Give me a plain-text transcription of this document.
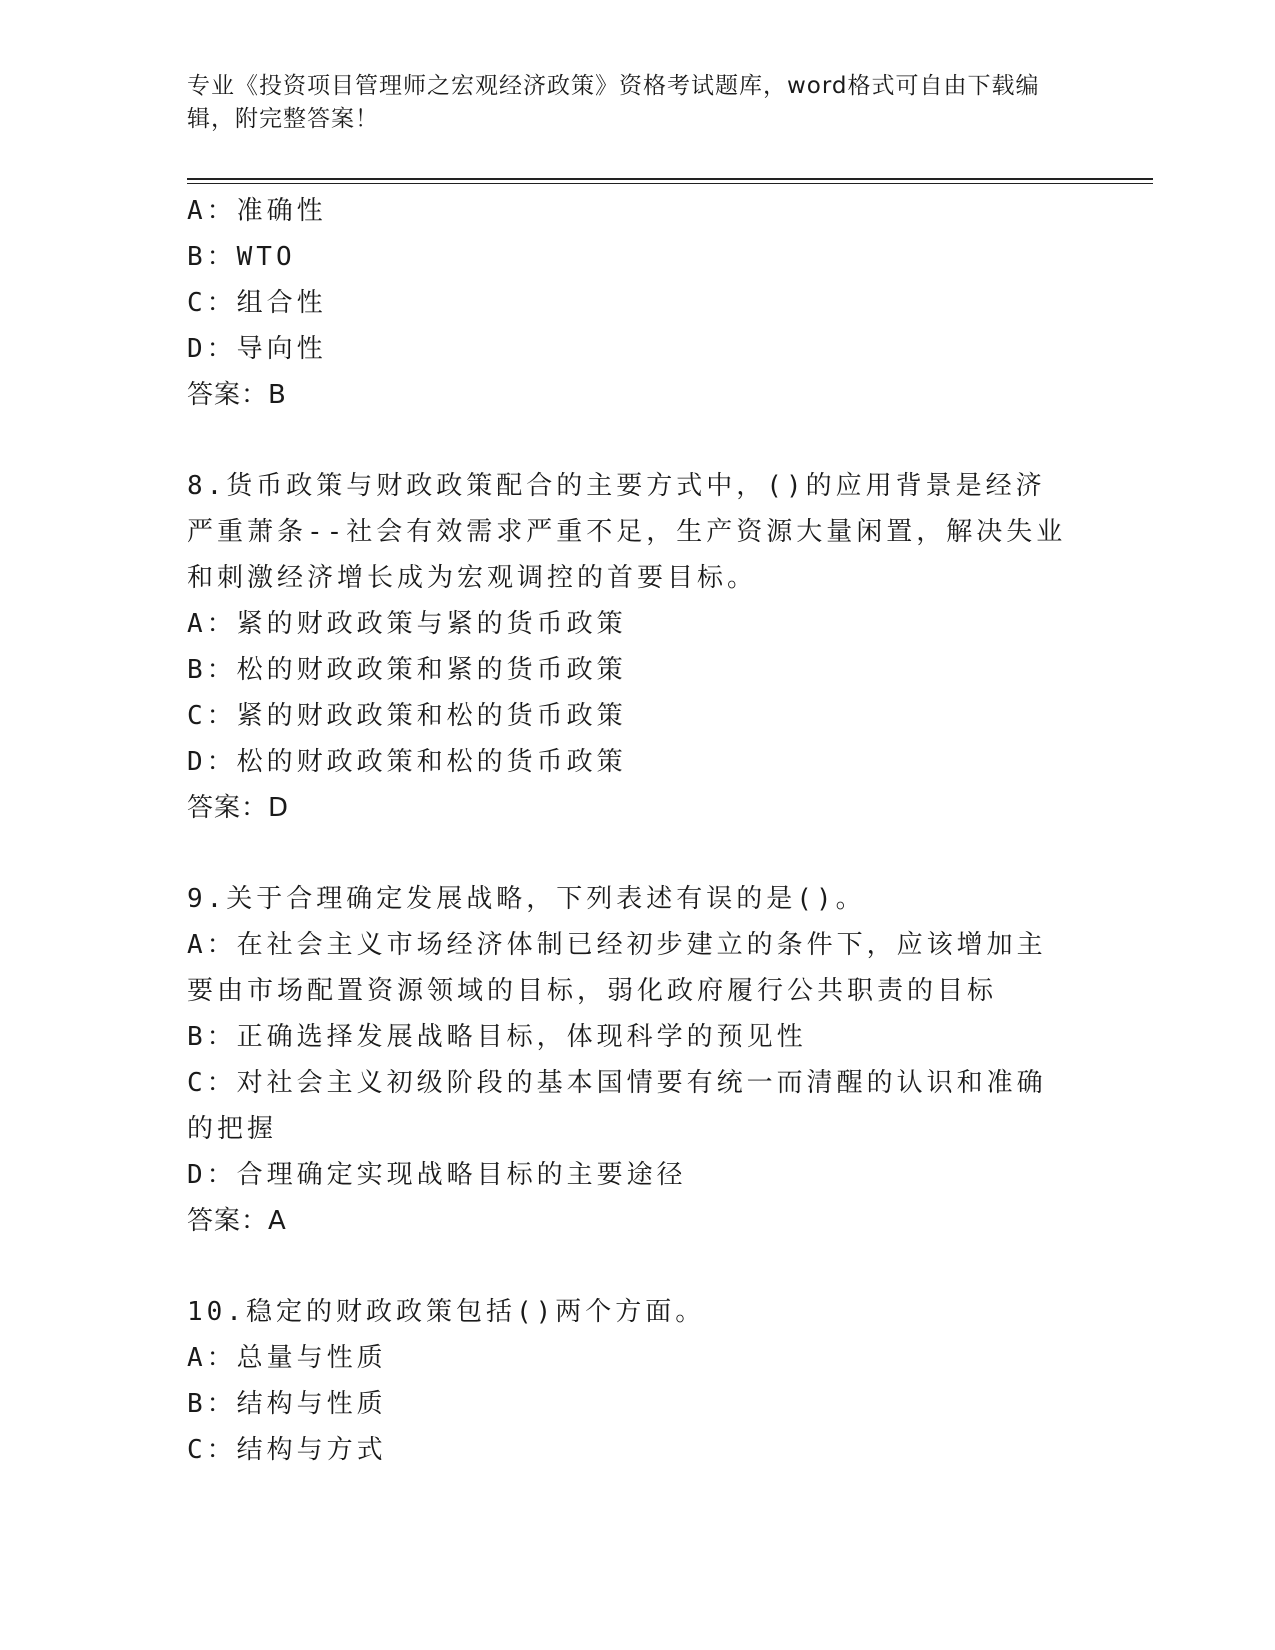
专业《投资项目管理师之宏观经济政策》资格考试题库，word格式可自由下载编辑，附完整答案！
A：准确性
B：WTO
C：组合性
D：导向性
答案：B
8.货币政策与财政政策配合的主要方式中，()的应用背景是经济严重萧条--社会有效需求严重不足，生产资源大量闲置，解决失业和刺激经济增长成为宏观调控的首要目标。
A：紧的财政政策与紧的货币政策
B：松的财政政策和紧的货币政策
C：紧的财政政策和松的货币政策
D：松的财政政策和松的货币政策
答案：D
9.关于合理确定发展战略，下列表述有误的是()。
A：在社会主义市场经济体制已经初步建立的条件下，应该增加主要由市场配置资源领域的目标，弱化政府履行公共职责的目标
B：正确选择发展战略目标，体现科学的预见性
C：对社会主义初级阶段的基本国情要有统一而清醒的认识和准确的把握
D：合理确定实现战略目标的主要途径
答案：A
10.稳定的财政政策包括()两个方面。
A：总量与性质
B：结构与性质
C：结构与方式
